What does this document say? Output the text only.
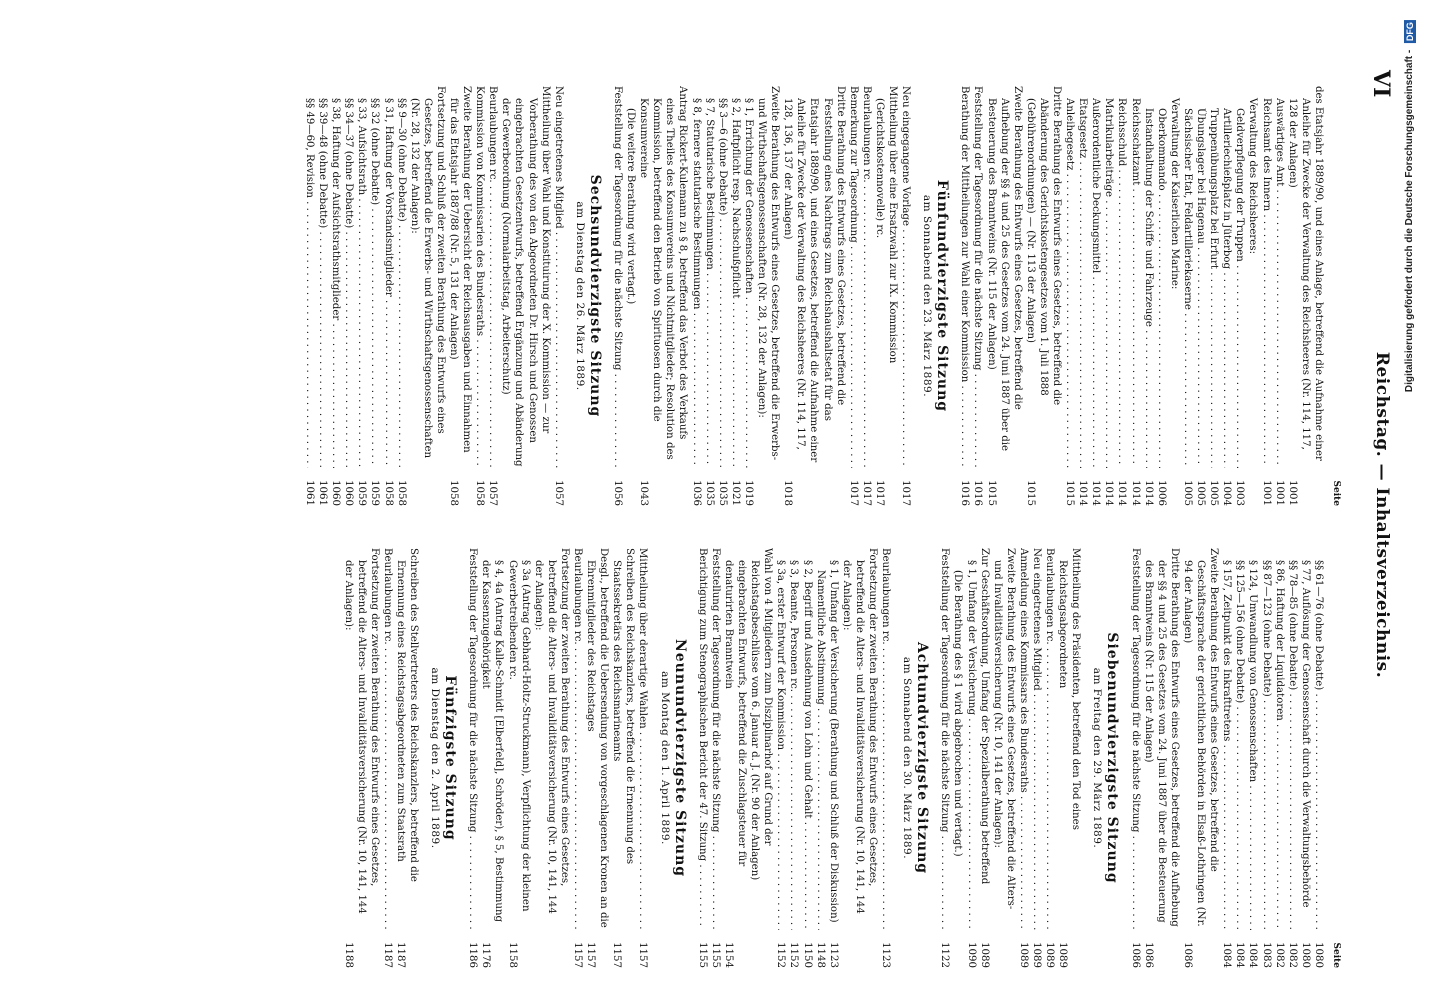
VI
Reichstag. — Inhaltsverzeichnis.
Seite
des Etatsjahr 1889/90, und eines Anlage, betreffend die Aufnahme einer Anleihe für Zwecke der Verwaltung des Reichsheeres (Nr. 114, 117, 128 der Anlagen)
1001
Auswärtiges Amt . . .
1001
Reichsamt des Innern . . .
1001
Verwaltung des Reichsheeres:
Geldverpflegung der Truppen . . .
1003
Artilleriechießplatz in Jüterbog . . .
1004
Truppenübungsplatz bei Erfurt . . .
1005
Übungslager bei Hagenau . . .
1005
Sächsischer Etat, Feldartilleriekaserne . . .
1005
Verwaltung der Kaiserlichen Marine:
Oberkommando . . .
1006
Instandhaltung der Schiffe und Fahrzeuge . . .
1014
Reichsschatzamt . . .
1014
Reichsschuld . . .
1014
Matrikularbeiträge . . .
1014
Außerordentliche Deckungsmittel . . .
1014
Etatsgesetz . . .
1014
Anleihegesetz . . .
1015
Dritte Berathung des Entwurfs eines Gesetzes, betreffend die Abänderung des Gerichtskostengesetzes vom 1. Juli 1888 (Gebührenordnungen) — (Nr. 113 der Anlagen)
1015
Zweite Berathung des Entwurfs eines Gesetzes, betreffend die Aufhebung der §§ 4 und 25 des Gesetzes vom 24. Juni 1887 über die Besteuerung des Branntweins (Nr. 115 der Anlagen)
1015
Feststellung der Tagesordnung für die nächste Sitzung . . .
1016
Berathung der Mittheilungen zur Wahl einer Kommission . . .
1016
Fünfundvierzigste Sitzung
am Sonnabend den 23. März 1889.
Neu eingegangene Vorlage . . .
1017
Mittheilung über eine Ersatzwahl zur IX. Kommission (Gerichtskostennovelle) rc.
1017
Beurlaubungen rc. . . .
1017
Bemerkung zur Tagesordnung . . .
1017
Dritte Berathung des Entwurfs eines Gesetzes, betreffend die Feststellung eines Nachtrags zum Reichshaushaltsetat für das Etatsjahr 1889/90, und eines Gesetzes, betreffend die Aufnahme einer Anleihe für Zwecke der Verwaltung des Reichsheeres (Nr. 114, 117, 128, 136, 137 der Anlagen)
1018
Zweite Berathung des Entwurfs eines Gesetzes, betreffend die Erwerbs- und Wirthschaftsgenossenschaften (Nr. 28, 132 der Anlagen):
§ 1, Errichtung der Genossenschaften . . .
1019
§ 2, Haftpflicht resp. Nachschußpflicht . . .
1021
§§ 3—6 (ohne Debatte) . . .
1035
§ 7, Statutarische Bestimmungen . . .
1035
§ 8, fernere statutarische Bestimmungen . . .
1036
Antrag Rickert-Kulemann zu § 8, betreffend das Verbot des Verkaufs eines Theiles des Konsumvereins und Nichtmitglieder; Resolution des Kommission, betreffend den Betrieb von Spirituosen durch die Konsumvereine
1043
(Die weitere Berathung wird vertagt.)
Feststellung der Tagesordnung für die nächste Sitzung . . .
1056
Sechsundvierzigste Sitzung
am Dienstag den 26. März 1889.
Neu eingetretenes Mitglied . . .
1057
Mittheilung über Wahl und Konstituirung der X. Kommission — zur Vorberathung des von den Abgeordneten Dr. Hirsch und Genossen eingebrachten Gesetzentwurfs, betreffend Ergänzung und Abänderung der Gewerbeordnung (Normalarbeitstag, Arbeiterschutz)
Beurlaubungen rc. . . .
1057
Kommission von Kommissarien des Bundesraths . . .
1058
Zweite Berathung der Uebersicht der Reichsausgaben und Einnahmen für das Etatsjahr 1887/88 (Nr. 5, 131 der Anlagen)
1058
Fortsetzung und Schluß der zweiten Berathung des Entwurfs eines Gesetzes, betreffend die Erwerbs- und Wirthschaftsgenossenschaften (Nr. 28, 132 der Anlagen):
§§ 9—30 (ohne Debatte) . . .
1058
§ 31, Haftung der Vorstandsmitglieder . . .
1058
§§ 32 (ohne Debatte) . . .
1059
§ 33, Aufsichtsrath . . .
1059
§§ 34—37 (ohne Debatte) . . .
1060
§ 38, Haftung der Aufsichtsrathsmitglieder . . .
1060
§§ 39—48 (ohne Debatte) . . .
1061
§§ 49—60, Revision . . .
1061
Seite
§§ 61—76 (ohne Debatte) . . .
1080
§ 77, Auflösung der Genossenschaft durch die Verwaltungsbehörde
1080
§§ 78—85 (ohne Debatte) . . .
1082
§ 86, Haftung der Liquidatoren . . .
1082
§§ 87—123 (ohne Debatte) . . .
1083
§ 124, Umwandlung von Genossenschaften . . .
1084
§§ 125—156 (ohne Debatte) . . .
1084
§ 157, Zeitpunkt des Inkrafttretens . . .
1084
Zweite Berathung des Entwurfs eines Gesetzes, betreffend die Geschäftssprache der gerichtlichen Behörden in Elsaß-Lothringen (Nr. 94 der Anlagen)
1086
Dritte Berathung des Entwurfs eines Gesetzes, betreffend die Aufhebung der §§ 4 und 25 des Gesetzes vom 24. Juni 1887 über die Besteuerung des Branntweins (Nr. 115 der Anlagen)
1086
Feststellung der Tagesordnung für die nächste Sitzung . . .
1086
Siebenundvierzigste Sitzung
am Freitag den 29. März 1889.
Mittheilung des Präsidenten, betreffend den Tod eines Reichstagsabgeordneten
1089
Beurlaubungen rc. . . .
1089
Neu eingetretenes Mitglied . . .
1089
Anmeldung eines Kommissars des Bundesraths . . .
1089
Zweite Berathung des Entwurfs eines Gesetzes, betreffend die Alters- und Invaliditätsversicherung (Nr. 10, 141 der Anlagen):
Zur Geschäftsordnung, Umfang der Spezialberathung betreffend
1089
§ 1, Umfang der Versicherung . . .
1090
(Die Berathung des § 1 wird abgebrochen und vertagt.)
Feststellung der Tagesordnung für die nächste Sitzung . . .
1122
Achtundvierzigste Sitzung
am Sonnabend den 30. März 1889.
Beurlaubungen rc. . . .
1123
Fortsetzung der zweiten Berathung des Entwurfs eines Gesetzes, betreffend die Alters- und Invaliditätsversicherung (Nr. 10, 141, 144 der Anlagen):
§ 1, Umfang der Versicherung (Berathung und Schluß der Diskussion)
1123
Namentliche Abstimmung . . .
1148
§ 2, Begriff und Ausdehnung von Lohn und Gehalt . . .
1150
§ 3, Beamte, Personen rc. . . .
1152
§ 3a, erster Entwurf der Kommission . . .
1152
Wahl von 4 Mitgliedern zum Disziplinarhof auf Grund der Reichstagsbeschlüsse vom 6. Januar d. J. (Nr. 90 der Anlagen) eingebrachten Entwurfs, betreffend die Zuschlagsteuer für denaturirten Branntwein
1154
Feststellung der Tagesordnung für die nächste Sitzung . . .
1155
Berichtigung zum Stenographischen Bericht der 47. Sitzung . . .
1155
Neunundvierzigste Sitzung
am Montag den 1. April 1889.
Mittheilung über derartige Wahlen . . .
1157
Schreiben des Reichskanzlers, betreffend die Ernennung des Staatssekretärs des Reichsmarineamts
1157
Desgl., betreffend die Uebersendung von vorgeschlagenen Kronen an die Ehrenmitglieder des Reichstages
1157
Beurlaubungen rc. . . .
1157
Fortsetzung der zweiten Berathung des Entwurfs eines Gesetzes, betreffend die Alters- und Invaliditätsversicherung (Nr. 10, 141, 144 der Anlagen):
§ 3a (Antrag Gebhard-Holtz-Struckmann), Verpflichtung der kleinen Gewerbetreibenden rc.
1158
§ 4, 4a (Antrag Kalle-Schmidt [Elberfeld], Schröder), § 5, Bestimmung der Kassenzugehörigkeit
1176
Feststellung der Tagesordnung für die nächste Sitzung . . .
1186
Fünfzigste Sitzung
am Dienstag den 2. April 1889.
Schreiben des Stellvertreters des Reichskanzlers, betreffend die Ernennung eines Reichstagsabgeordneten zum Staatsrath
1187
Beurlaubungen rc. . . .
1187
Fortsetzung der zweiten Berathung des Entwurfs eines Gesetzes, betreffend die Alters- und Invaliditätsversicherung (Nr. 10, 141, 144 der Anlagen):
1188
Digitalisierung gefördert durch die Deutsche Forschungsgemeinschaft - DFG
